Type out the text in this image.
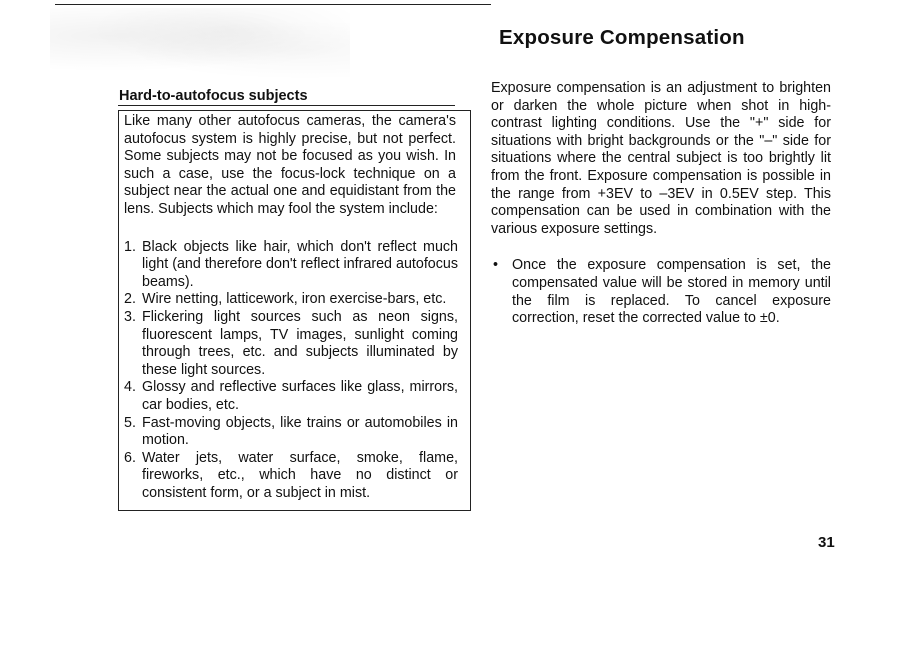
Exposure Compensation
Hard-to-autofocus subjects

Like many other autofocus cameras, the camera's autofocus system is highly precise, but not perfect. Some subjects may not be focused as you wish. In such a case, use the focus-lock technique on a subject near the actual one and equidistant from the lens. Subjects which may fool the system include:

1. Black objects like hair, which don't reflect much light (and therefore don't reflect infrared autofocus beams).
2. Wire netting, latticework, iron exercise-bars, etc.
3. Flickering light sources such as neon signs, fluorescent lamps, TV images, sunlight coming through trees, etc. and subjects illuminated by these light sources.
4. Glossy and reflective surfaces like glass, mirrors, car bodies, etc.
5. Fast-moving objects, like trains or automobiles in motion.
6. Water jets, water surface, smoke, flame, fireworks, etc., which have no distinct or consistent form, or a subject in mist.

Exposure compensation is an adjustment to brighten or darken the whole picture when shot in high-contrast lighting conditions. Use the "+" side for situations with bright backgrounds or the "–" side for situations where the central subject is too brightly lit from the front. Exposure compensation is possible in the range from +3EV to –3EV in 0.5EV step. This compensation can be used in combination with the various exposure settings.

• Once the exposure compensation is set, the compensated value will be stored in memory until the film is replaced. To cancel exposure correction, reset the corrected value to ±0.

31
